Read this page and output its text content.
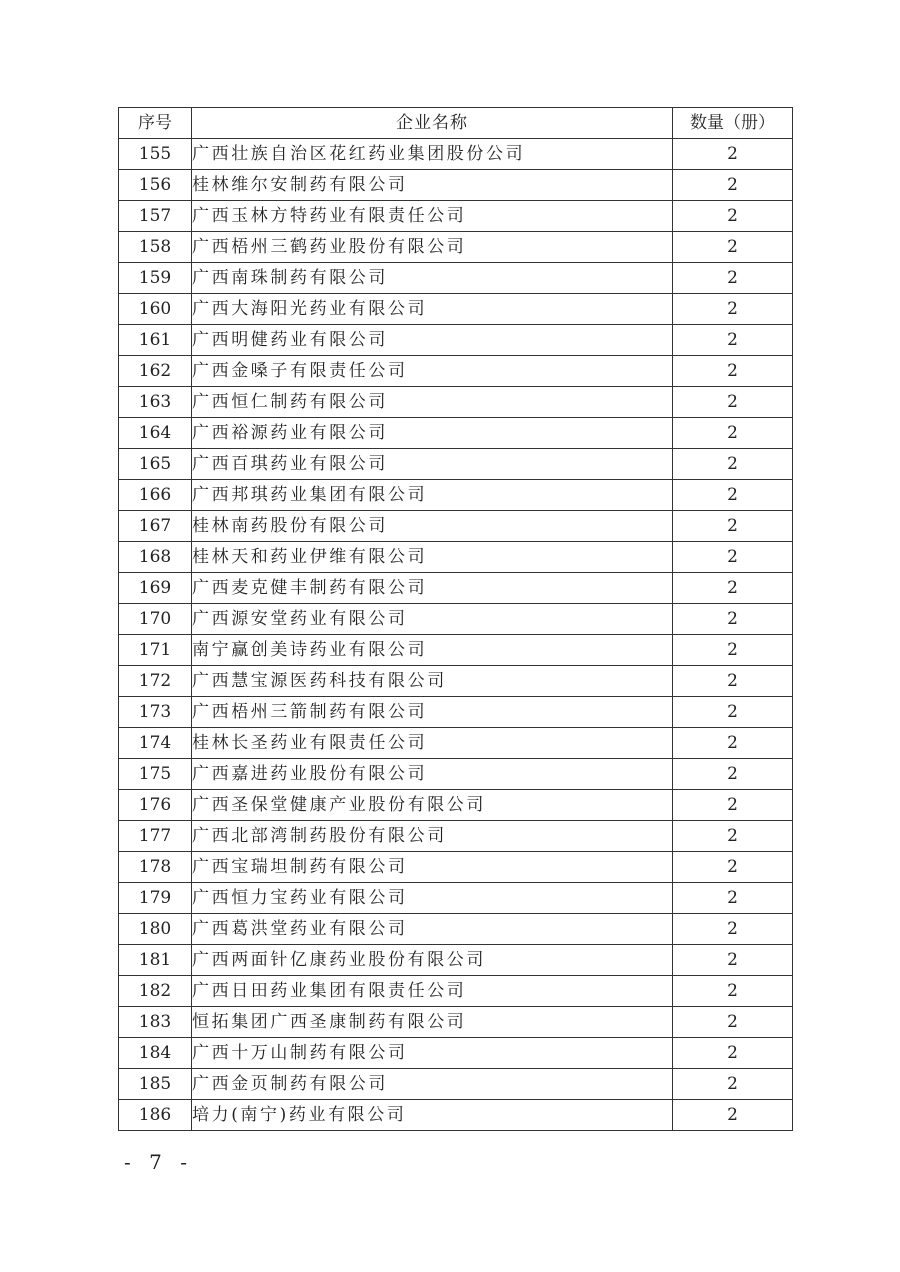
序号	企业名称	数量（册）
155	广西壮族自治区花红药业集团股份公司	2
156	桂林维尔安制药有限公司	2
157	广西玉林方特药业有限责任公司	2
158	广西梧州三鹤药业股份有限公司	2
159	广西南珠制药有限公司	2
160	广西大海阳光药业有限公司	2
161	广西明健药业有限公司	2
162	广西金嗓子有限责任公司	2
163	广西恒仁制药有限公司	2
164	广西裕源药业有限公司	2
165	广西百琪药业有限公司	2
166	广西邦琪药业集团有限公司	2
167	桂林南药股份有限公司	2
168	桂林天和药业伊维有限公司	2
169	广西麦克健丰制药有限公司	2
170	广西源安堂药业有限公司	2
171	南宁赢创美诗药业有限公司	2
172	广西慧宝源医药科技有限公司	2
173	广西梧州三箭制药有限公司	2
174	桂林长圣药业有限责任公司	2
175	广西嘉进药业股份有限公司	2
176	广西圣保堂健康产业股份有限公司	2
177	广西北部湾制药股份有限公司	2
178	广西宝瑞坦制药有限公司	2
179	广西恒力宝药业有限公司	2
180	广西葛洪堂药业有限公司	2
181	广西两面针亿康药业股份有限公司	2
182	广西日田药业集团有限责任公司	2
183	恒拓集团广西圣康制药有限公司	2
184	广西十万山制药有限公司	2
185	广西金页制药有限公司	2
186	培力(南宁)药业有限公司	2
- 7 -
